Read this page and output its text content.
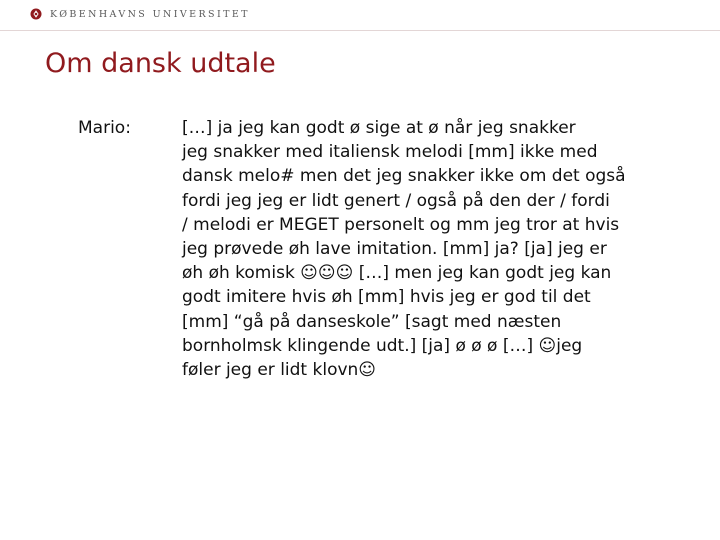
KØBENHAVNS UNIVERSITET
Om dansk udtale
Mario:	[…] ja jeg kan godt ø sige at ø når jeg snakker
jeg snakker med italiensk melodi [mm] ikke med
dansk melo# men det jeg snakker ikke om det også
fordi jeg jeg er lidt genert / også på den der / fordi
/ melodi er MEGET personelt og mm jeg tror at hvis
jeg prøvede øh lave imitation. [mm] ja? [ja] jeg er
øh øh komisk ☺☺☺ […] men jeg kan godt jeg kan
godt imitere hvis øh [mm] hvis jeg er god til det
[mm] “gå på danseskole” [sagt med næsten
bornholmsk klingende udt.] [ja] ø ø ø […] ☺jeg
føler jeg er lidt klovn☺
